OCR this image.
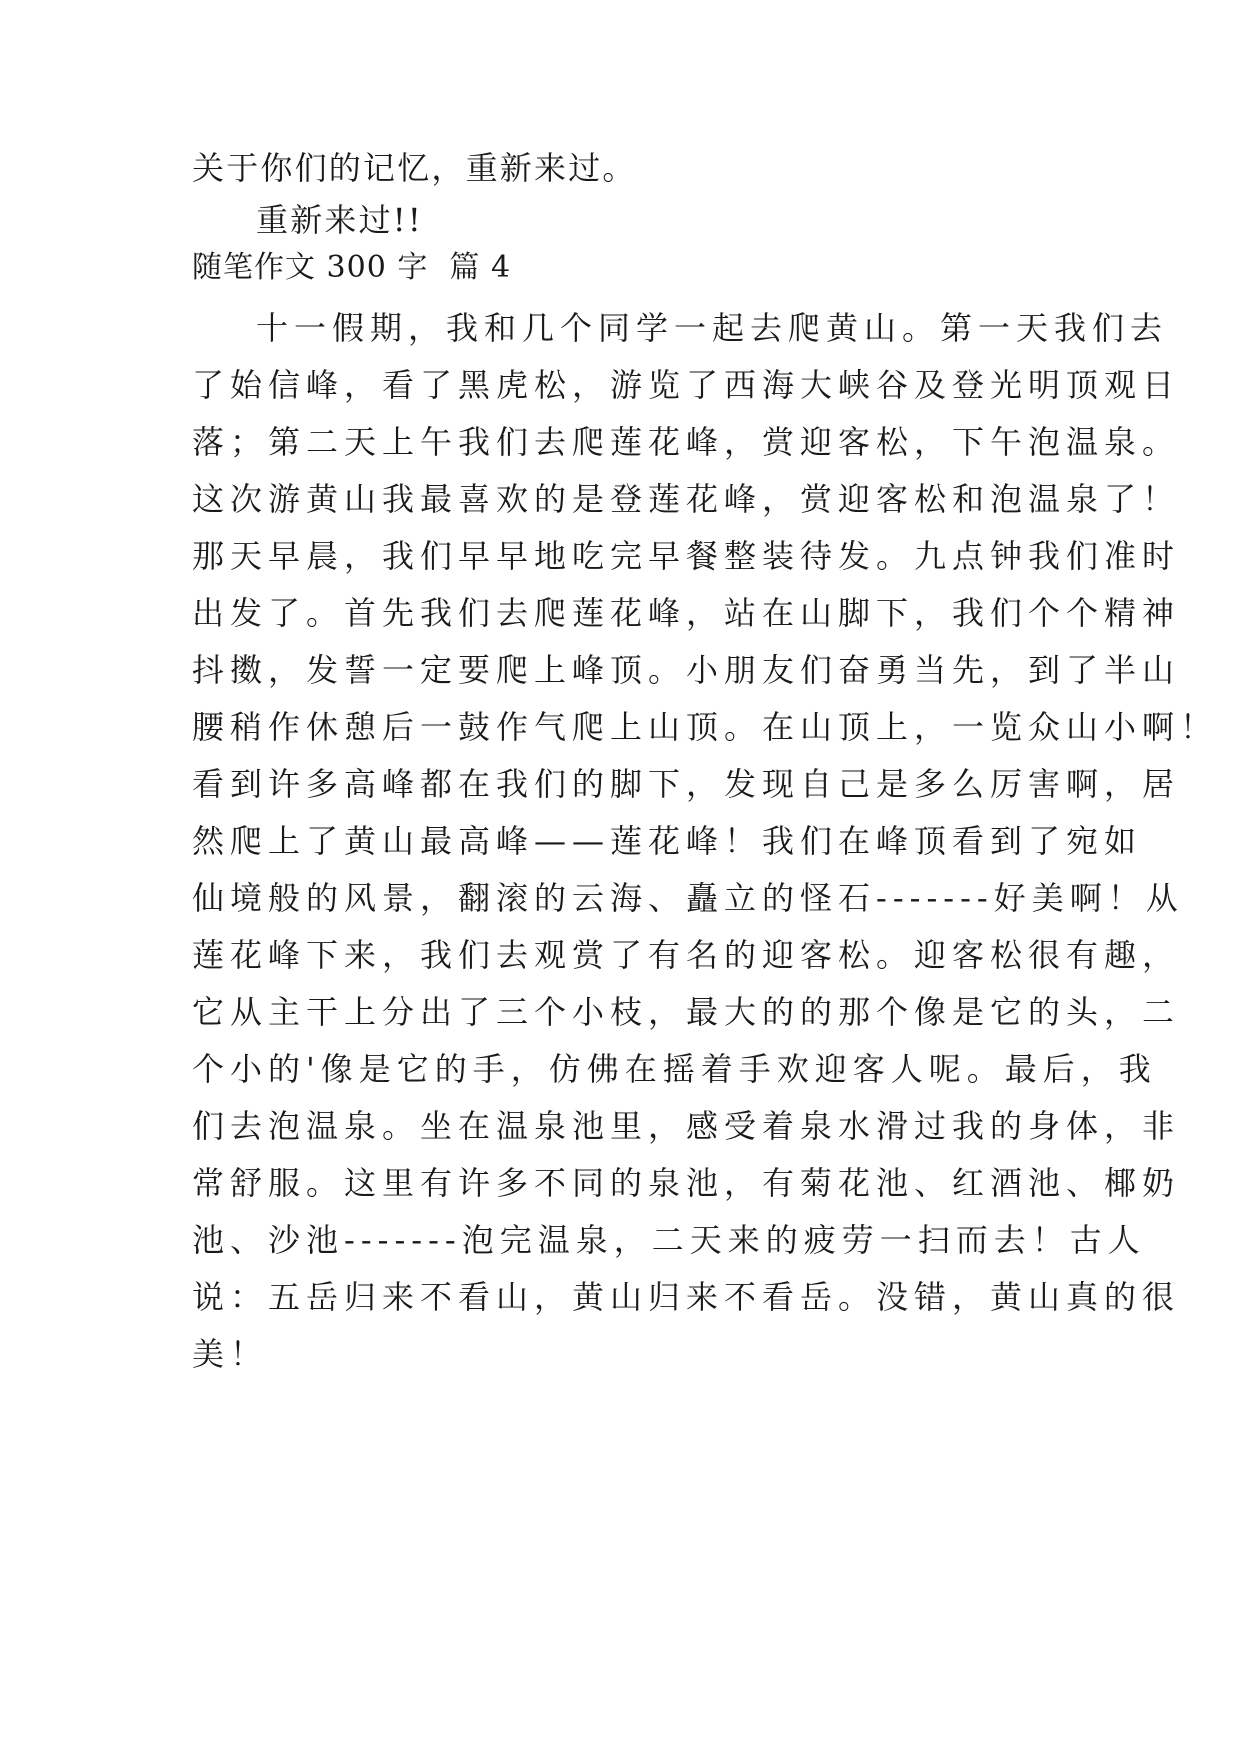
关于你们的记忆，重新来过。
重新来过!!
随笔作文 300 字  篇 4
十一假期，我和几个同学一起去爬黄山。第一天我们去
了始信峰，看了黑虎松，游览了西海大峡谷及登光明顶观日
落；第二天上午我们去爬莲花峰，赏迎客松，下午泡温泉。
这次游黄山我最喜欢的是登莲花峰，赏迎客松和泡温泉了！
那天早晨，我们早早地吃完早餐整装待发。九点钟我们准时
出发了。首先我们去爬莲花峰，站在山脚下，我们个个精神
抖擞，发誓一定要爬上峰顶。小朋友们奋勇当先，到了半山
腰稍作休憩后一鼓作气爬上山顶。在山顶上，一览众山小啊！
看到许多高峰都在我们的脚下，发现自己是多么厉害啊，居
然爬上了黄山最高峰——莲花峰！我们在峰顶看到了宛如
仙境般的风景，翻滚的云海、矗立的怪石-------好美啊！从
莲花峰下来，我们去观赏了有名的迎客松。迎客松很有趣，
它从主干上分出了三个小枝，最大的的那个像是它的头，二
个小的'像是它的手，仿佛在摇着手欢迎客人呢。最后，我
们去泡温泉。坐在温泉池里，感受着泉水滑过我的身体，非
常舒服。这里有许多不同的泉池，有菊花池、红酒池、椰奶
池、沙池-------泡完温泉，二天来的疲劳一扫而去！古人
说：五岳归来不看山，黄山归来不看岳。没错，黄山真的很
美！
